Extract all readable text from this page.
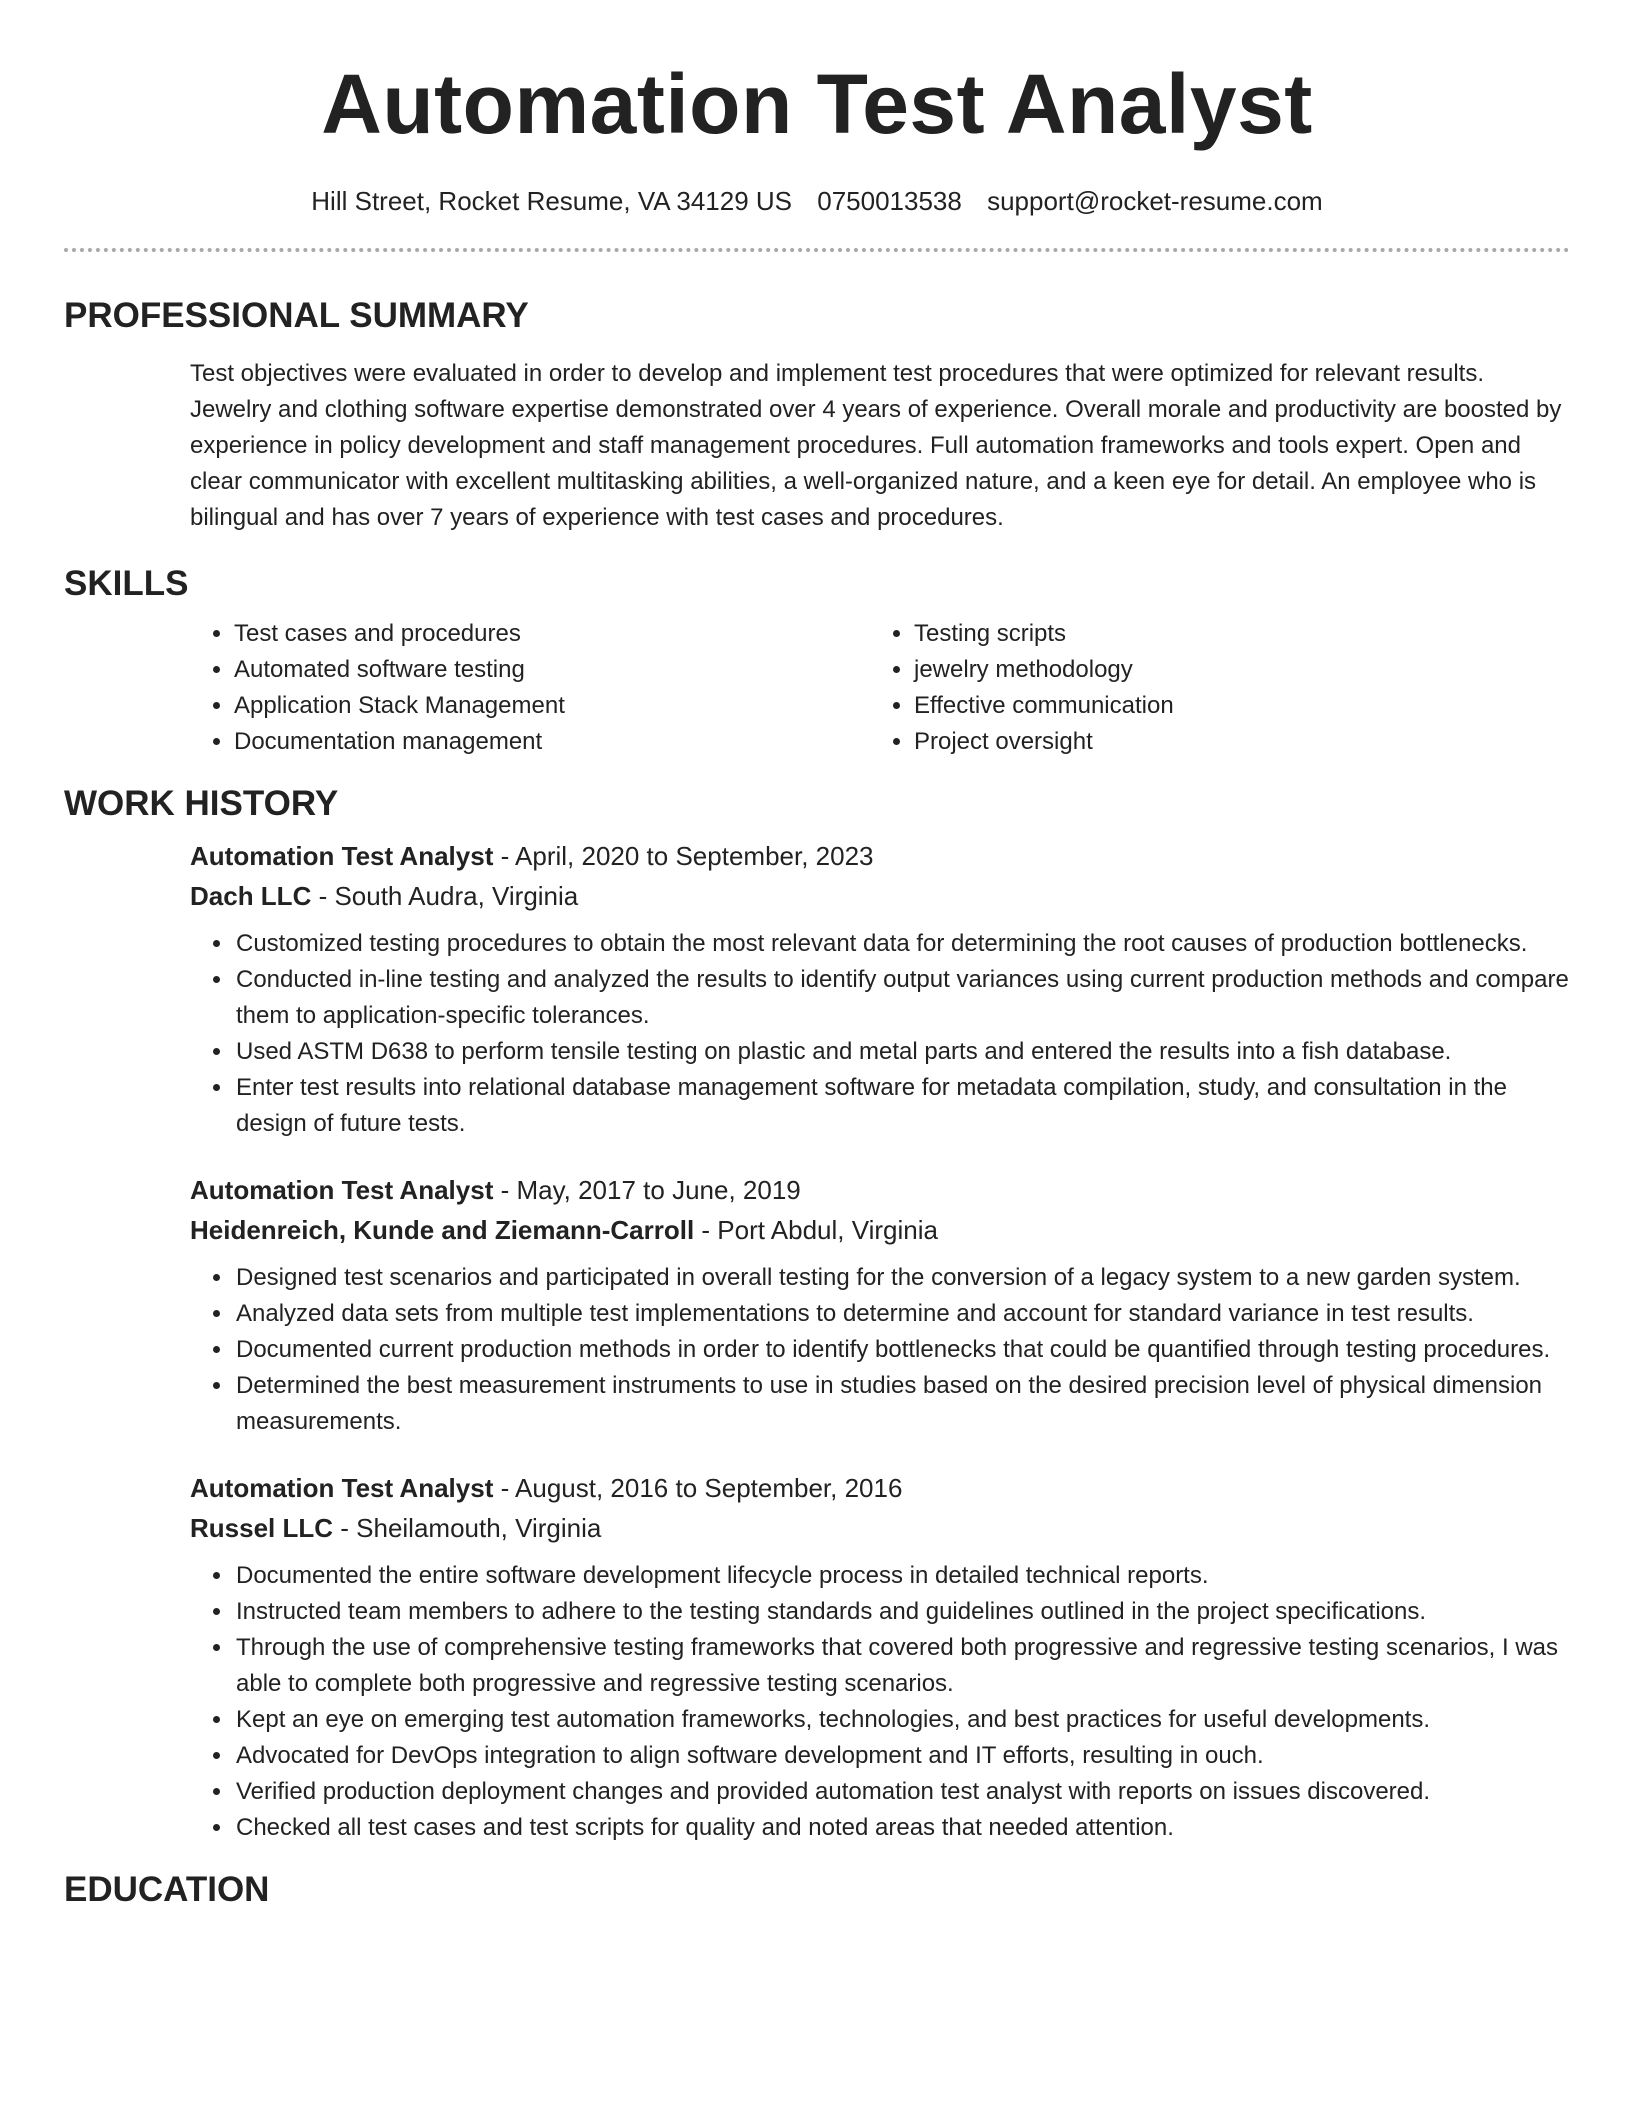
Automation Test Analyst
Hill Street, Rocket Resume, VA 34129 US 0750013538 support@rocket-resume.com
PROFESSIONAL SUMMARY

Test objectives were evaluated in order to develop and implement test procedures that were optimized for relevant results. Jewelry and clothing software expertise demonstrated over 4 years of experience. Overall morale and productivity are boosted by experience in policy development and staff management procedures. Full automation frameworks and tools expert. Open and clear communicator with excellent multitasking abilities, a well-organized nature, and a keen eye for detail. An employee who is bilingual and has over 7 years of experience with test cases and procedures.

SKILLS
• Test cases and procedures
• Automated software testing
• Application Stack Management
• Documentation management
• Testing scripts
• jewelry methodology
• Effective communication
• Project oversight
WORK HISTORY
Automation Test Analyst - April, 2020 to September, 2023
Dach LLC - South Audra, Virginia
• Customized testing procedures to obtain the most relevant data for determining the root causes of production bottlenecks.
• Conducted in-line testing and analyzed the results to identify output variances using current production methods and compare them to application-specific tolerances.
• Used ASTM D638 to perform tensile testing on plastic and metal parts and entered the results into a fish database.
• Enter test results into relational database management software for metadata compilation, study, and consultation in the design of future tests.
Automation Test Analyst - May, 2017 to June, 2019
Heidenreich, Kunde and Ziemann-Carroll - Port Abdul, Virginia
• Designed test scenarios and participated in overall testing for the conversion of a legacy system to a new garden system.
• Analyzed data sets from multiple test implementations to determine and account for standard variance in test results.
• Documented current production methods in order to identify bottlenecks that could be quantified through testing procedures.
• Determined the best measurement instruments to use in studies based on the desired precision level of physical dimension measurements.
Automation Test Analyst - August, 2016 to September, 2016
Russel LLC - Sheilamouth, Virginia
• Documented the entire software development lifecycle process in detailed technical reports.
• Instructed team members to adhere to the testing standards and guidelines outlined in the project specifications.
• Through the use of comprehensive testing frameworks that covered both progressive and regressive testing scenarios, I was able to complete both progressive and regressive testing scenarios.
• Kept an eye on emerging test automation frameworks, technologies, and best practices for useful developments.
• Advocated for DevOps integration to align software development and IT efforts, resulting in ouch.
• Verified production deployment changes and provided automation test analyst with reports on issues discovered.
• Checked all test cases and test scripts for quality and noted areas that needed attention.
EDUCATION
